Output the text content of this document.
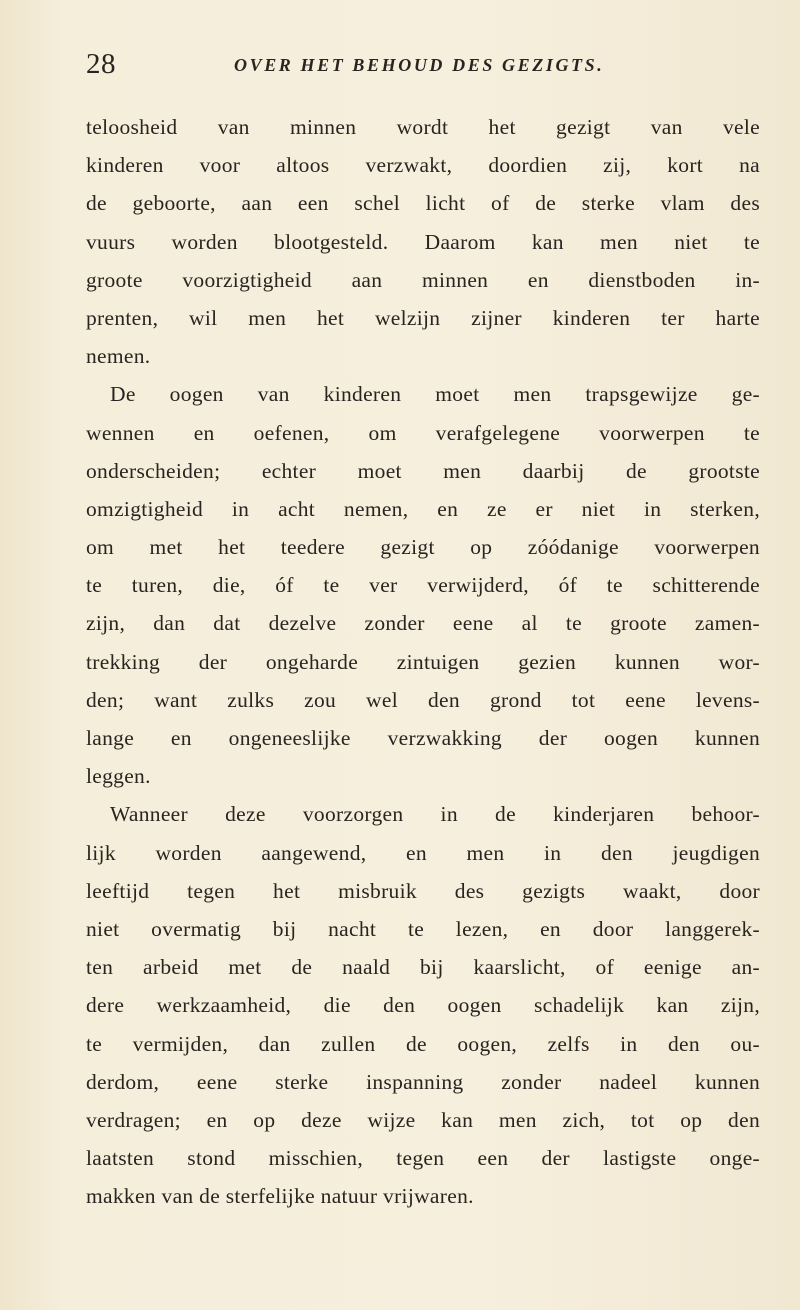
28	OVER HET BEHOUD DES GEZIGTS.
teloosheid van minnen wordt het gezigt van vele
kinderen voor altoos verzwakt, doordien zij, kort na
de geboorte, aan een schel licht of de sterke vlam des
vuurs worden blootgesteld. Daarom kan men niet te
groote voorzigtigheid aan minnen en dienstboden in-
prenten, wil men het welzijn zijner kinderen ter harte
nemen.
De oogen van kinderen moet men trapsgewijze ge-
wennen en oefenen, om verafgelegene voorwerpen te
onderscheiden; echter moet men daarbij de grootste
omzigtigheid in acht nemen, en ze er niet in sterken,
om met het teedere gezigt op zóódanige voorwerpen
te turen, die, óf te ver verwijderd, óf te schitterende
zijn, dan dat dezelve zonder eene al te groote zamen-
trekking der ongeharde zintuigen gezien kunnen wor-
den; want zulks zou wel den grond tot eene levens-
lange en ongeneeslijke verzwakking der oogen kunnen
leggen.
Wanneer deze voorzorgen in de kinderjaren behoor-
lijk worden aangewend, en men in den jeugdigen
leeftijd tegen het misbruik des gezigts waakt, door
niet overmatig bij nacht te lezen, en door langgerek-
ten arbeid met de naald bij kaarslicht, of eenige an-
dere werkzaamheid, die den oogen schadelijk kan zijn,
te vermijden, dan zullen de oogen, zelfs in den ou-
derdom, eene sterke inspanning zonder nadeel kunnen
verdragen; en op deze wijze kan men zich, tot op den
laatsten stond misschien, tegen een der lastigste onge-
makken van de sterfelijke natuur vrijwaren.
